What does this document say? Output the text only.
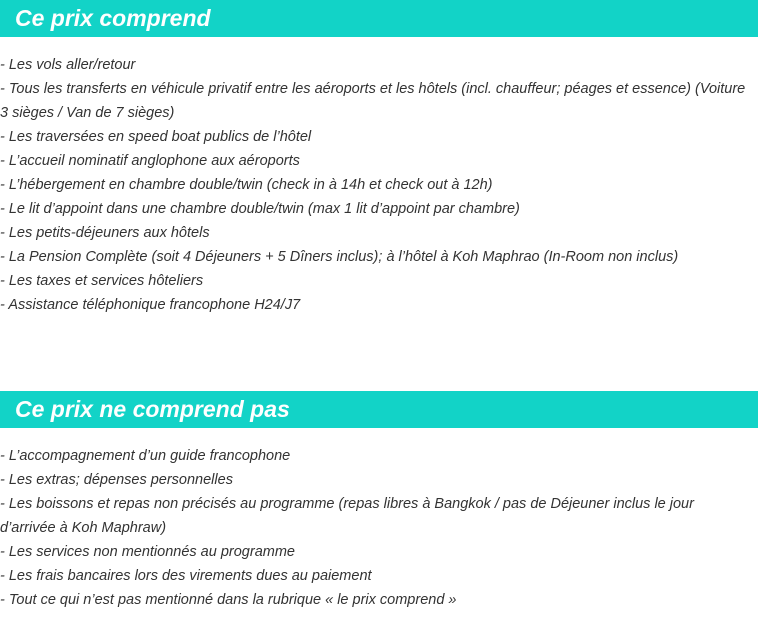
Ce prix comprend
- Les vols aller/retour
- Tous les transferts en véhicule privatif entre les aéroports et les hôtels (incl. chauffeur; péages et essence) (Voiture 3 sièges / Van de 7 sièges)
- Les traversées en speed boat publics de l’hôtel
- L’accueil nominatif anglophone aux aéroports
- L’hébergement en chambre double/twin (check in à 14h et check out à 12h)
- Le lit d’appoint dans une chambre double/twin (max 1 lit d’appoint par chambre)
- Les petits-déjeuners aux hôtels
- La Pension Complète (soit 4 Déjeuners + 5 Dîners inclus); à l’hôtel à Koh Maphrao (In-Room non inclus)
- Les taxes et services hôteliers
- Assistance téléphonique francophone H24/J7
Ce prix ne comprend pas
- L’accompagnement d’un guide francophone
- Les extras; dépenses personnelles
- Les boissons et repas non précisés au programme (repas libres à Bangkok / pas de Déjeuner inclus le jour d’arrivée à Koh Maphraw)
- Les services non mentionnés au programme
- Les frais bancaires lors des virements dues au paiement
- Tout ce qui n’est pas mentionné dans la rubrique « le prix comprend »
